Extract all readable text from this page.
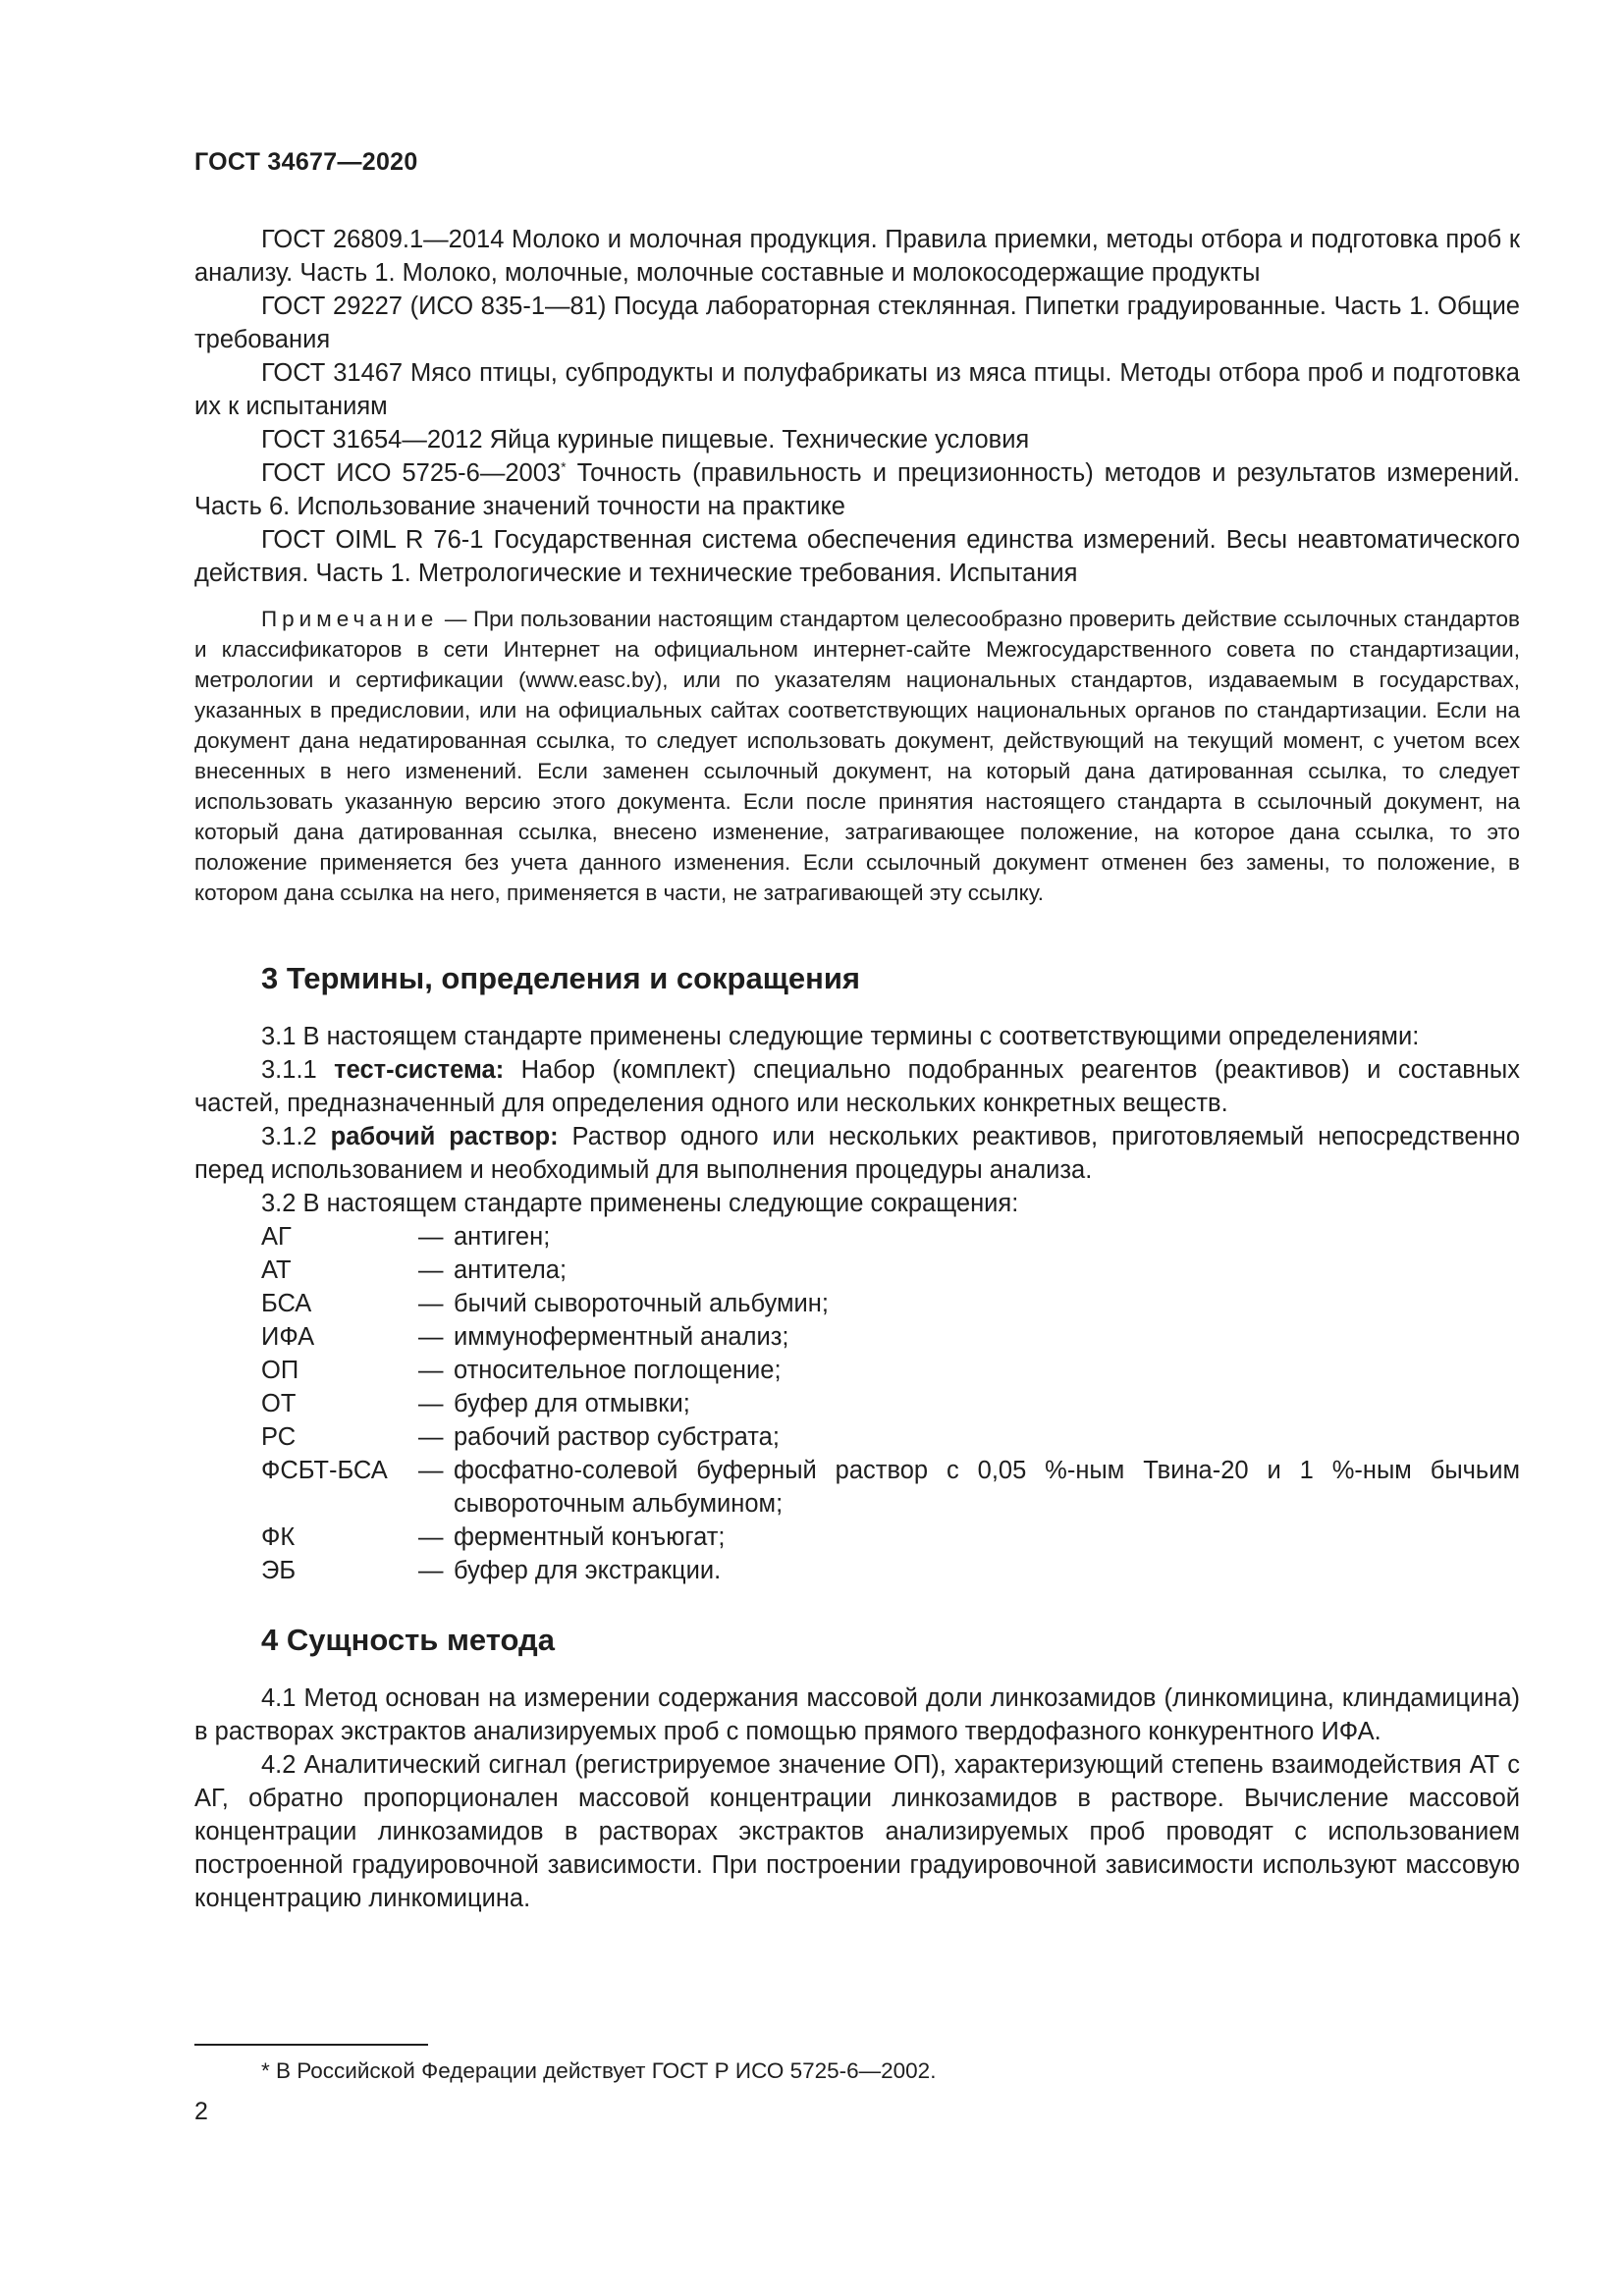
ГОСТ 34677—2020

ГОСТ 26809.1—2014 Молоко и молочная продукция. Правила приемки, методы отбора и подготовка проб к анализу. Часть 1. Молоко, молочные, молочные составные и молокосодержащие продукты

ГОСТ 29227 (ИСО 835-1—81) Посуда лабораторная стеклянная. Пипетки градуированные. Часть 1. Общие требования

ГОСТ 31467 Мясо птицы, субпродукты и полуфабрикаты из мяса птицы. Методы отбора проб и подготовка их к испытаниям

ГОСТ 31654—2012 Яйца куриные пищевые. Технические условия

ГОСТ ИСО 5725-6—2003* Точность (правильность и прецизионность) методов и результатов измерений. Часть 6. Использование значений точности на практике

ГОСТ OIML R 76-1 Государственная система обеспечения единства измерений. Весы неавтоматического действия. Часть 1. Метрологические и технические требования. Испытания

Примечание — При пользовании настоящим стандартом целесообразно проверить действие ссылочных стандартов и классификаторов в сети Интернет на официальном интернет-сайте Межгосударственного совета по стандартизации, метрологии и сертификации (www.easc.by), или по указателям национальных стандартов, издаваемым в государствах, указанных в предисловии, или на официальных сайтах соответствующих национальных органов по стандартизации. Если на документ дана недатированная ссылка, то следует использовать документ, действующий на текущий момент, с учетом всех внесенных в него изменений. Если заменен ссылочный документ, на который дана датированная ссылка, то следует использовать указанную версию этого документа. Если после принятия настоящего стандарта в ссылочный документ, на который дана датированная ссылка, внесено изменение, затрагивающее положение, на которое дана ссылка, то это положение применяется без учета данного изменения. Если ссылочный документ отменен без замены, то положение, в котором дана ссылка на него, применяется в части, не затрагивающей эту ссылку.

3 Термины, определения и сокращения

3.1 В настоящем стандарте применены следующие термины с соответствующими определениями:

3.1.1 тест-система: Набор (комплект) специально подобранных реагентов (реактивов) и составных частей, предназначенный для определения одного или нескольких конкретных веществ.

3.1.2 рабочий раствор: Раствор одного или нескольких реактивов, приготовляемый непосредственно перед использованием и необходимый для выполнения процедуры анализа.

3.2 В настоящем стандарте применены следующие сокращения:

АГ	— антиген;
АТ	— антитела;
БСА	— бычий сывороточный альбумин;
ИФА	— иммуноферментный анализ;
ОП	— относительное поглощение;
ОТ	— буфер для отмывки;
РС	— рабочий раствор субстрата;
ФСБТ-БСА	— фосфатно-солевой буферный раствор с 0,05 %-ным Твина-20 и 1 %-ным бычьим сывороточным альбумином;
ФК	— ферментный конъюгат;
ЭБ	— буфер для экстракции.
4 Сущность метода

4.1 Метод основан на измерении содержания массовой доли линкозамидов (линкомицина, клиндамицина) в растворах экстрактов анализируемых проб с помощью прямого твердофазного конкурентного ИФА.

4.2 Аналитический сигнал (регистрируемое значение ОП), характеризующий степень взаимодействия АТ с АГ, обратно пропорционален массовой концентрации линкозамидов в растворе. Вычисление массовой концентрации линкозамидов в растворах экстрактов анализируемых проб проводят с использованием построенной градуировочной зависимости. При построении градуировочной зависимости используют массовую концентрацию линкомицина.

* В Российской Федерации действует ГОСТ Р ИСО 5725-6—2002.
2
